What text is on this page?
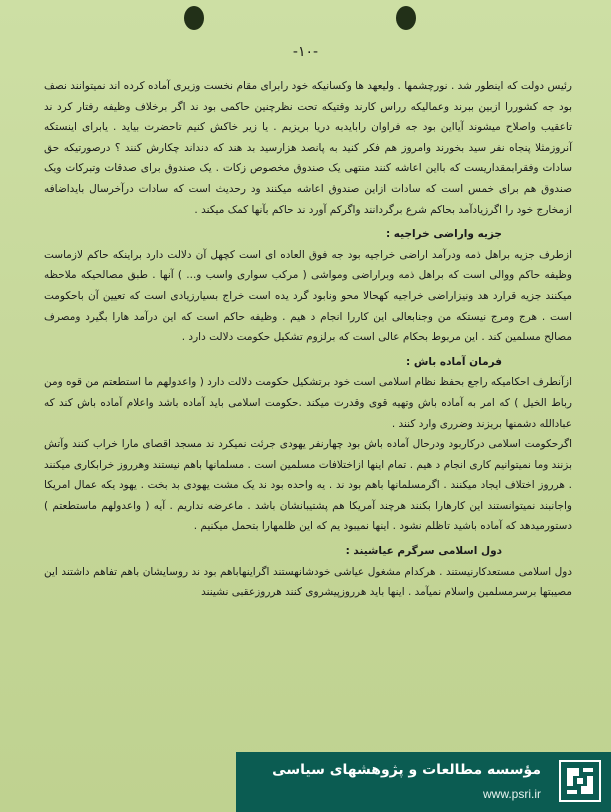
-۱۰-

رئیس دولت که اینطور شد . نورچشمها . ولیعهد ها وکسانیکه خود رابرای مقام نخست وزیری آماده کرده اند نمیتوانند نصف بود جه کشوررا ازبین ببرند وعمالیکه رراس کارند وقتیکه تحت نظرچنین حاکمی بود ند اگر برخلاف وظیفه رفتار کرد ند تاعقیب واصلاح میشوند آیااین بود جه فراوان رابایدبه دریا بریزیم . یا زیر خاکش کنیم تاحضرت بیاید . یابرای اینستکه آنروزمثلا پنجاه نفر سید بخورند وامروز هم فکر کنید به پانصد هزارسید بد هند که دنداند چکارش کنند ؟ درصورتیکه حق سادات وفقرابمقداریست که بااین اعاشه کنند منتهی یک صندوق مخصوص زکات . یک صندوق برای صدقات وتبرکات ویک صندوق هم برای خمس است که سادات ازاین صندوق اعاشه میکنند ود رحدیث است که سادات درآخرسال بایداضافه ازمخارج خود را اگرزیادآمد بحاکم شرع برگردانند واگرکم آورد ند حاکم بآنها کمک میکند .

جزیه واراضی خراجیه :

ازطرف جزیه براهل ذمه ودرآمد اراضی خراجیه بود جه فوق العاده ای است کچهل آن دلالت دارد براینکه حاکم لازماست وظیفه حاکم ووالی است که براهل ذمه وبراراضی ومواشی ( مرکب سواری واسب و... ) آنها . طبق مصالحیکه ملاحظه میکنند جزیه قرارد هد ونیزاراضی خراجیه کهحالا محو ونابود گرد یده است خراج بسیارزیادی است که تعیین آن باحکومت است . هرج ومرج نیستکه من وجنابعالی این کاررا انجام د هیم . وظیفه حاکم است که این درآمد هارا بگیرد ومصرف مصالح مسلمین کند . این مربوط بحکام عالی است که برلزوم تشکیل حکومت دلالت دارد .

فرمان آماده باش :

ازآنطرف احکامیکه راجع بحفظ نظام اسلامی است خود برتشکیل حکومت دلالت دارد ( واعدولهم ما استطعتم من قوه ومن رباط الخیل ) که امر به آماده باش وتهیه قوی وقدرت میکند .حکومت اسلامی باید آماده باشد واعلام آماده باش کند که عبادالله دشمنها بریزند وضرری وارد کنند .

اگرحکومت اسلامی درکاربود ودرحال آماده باش بود چهارنفر یهودی جرئت نمیکرد ند مسجد اقصای مارا خراب کنند وآتش بزنند وما نمیتوانیم کاری انجام د هیم . تمام اینها ازاختلافات مسلمین است . مسلمانها باهم نیستند وهرروز خرابکاری میکنند . هرروز اختلاف ایجاد میکنند . اگرمسلمانها باهم بود ند . یه واحده بود ند یک مشت یهودی بد بخت . یهود یکه عمال امریکا واجانبند نمیتوانستند این کارهارا بکنند هرچند آمریکا هم پشتیبانشان باشد . ماعرضه نداریم . آیه ( واعدولهم ماستطعتم ) دستورمیدهد که آماده باشید تاظلم نشود . اینها نمیبود یم که این ظلمهارا بتحمل میکنیم .

دول اسلامی سرگرم عیاشیند :

دول اسلامی مستعدکارنیستند . هرکدام مشغول عیاشی خودشانهستند اگراینهاباهم بود ند روسایشان باهم تفاهم داشتند این مصیبتها برسرمسلمین واسلام نمیآمد . اینها باید هرروزپیشروی کنند هرروزعقبی نشینند

مؤسسه مطالعات و پژوهشهای سیاسی
www.psri.ir
